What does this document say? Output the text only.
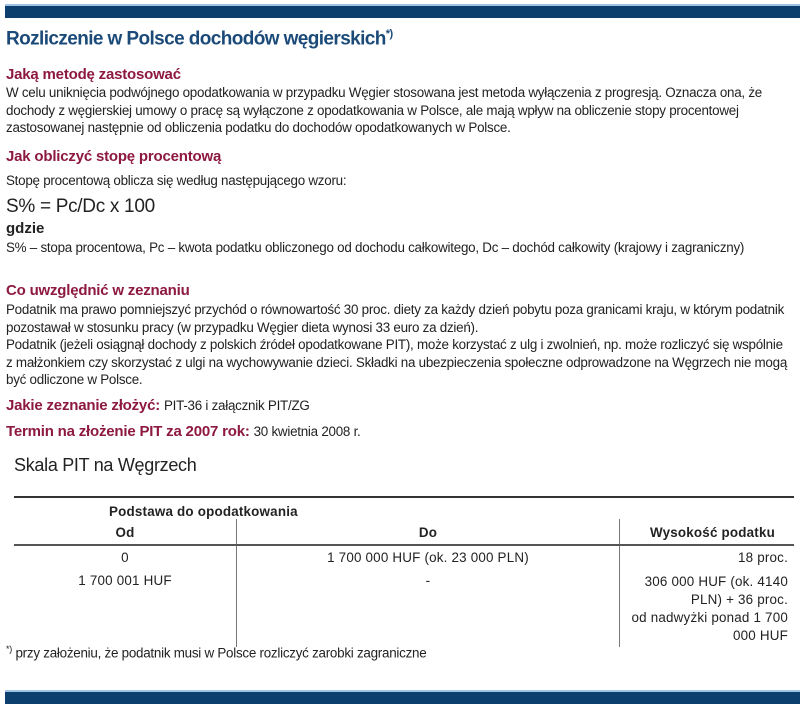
Rozliczenie w Polsce dochodów węgierskich*)
Jaką metodę zastosować
W celu uniknięcia podwójnego opodatkowania w przypadku Węgier stosowana jest metoda wyłączenia z progresją. Oznacza ona, że dochody z węgierskiej umowy o pracę są wyłączone z opodatkowania w Polsce, ale mają wpływ na obliczenie stopy procentowej zastosowanej następnie od obliczenia podatku do dochodów opodatkowanych w Polsce.
Jak obliczyć stopę procentową
Stopę procentową oblicza się według następującego wzoru:
S% = Pc/Dc x 100
gdzie
S% – stopa procentowa, Pc – kwota podatku obliczonego od dochodu całkowitego, Dc – dochód całkowity (krajowy i zagraniczny)
Co uwzględnić w zeznaniu
Podatnik ma prawo pomniejszyć przychód o równowartość 30 proc. diety za każdy dzień pobytu poza granicami kraju, w którym podatnik pozostawał w stosunku pracy (w przypadku Węgier dieta wynosi 33 euro za dzień).
Podatnik (jeżeli osiągnął dochody z polskich źródeł opodatkowane PIT), może korzystać z ulg i zwolnień, np. może rozliczyć się wspólnie z małżonkiem czy skorzystać z ulgi na wychowywanie dzieci. Składki na ubezpieczenia społeczne odprowadzone na Węgrzech nie mogą być odliczone w Polsce.
Jakie zeznanie złożyć: PIT-36 i załącznik PIT/ZG
Termin na złożenie PIT za 2007 rok: 30 kwietnia 2008 r.
Skala PIT na Węgrzech
Podstawa do opodatkowania		
Od	Do	Wysokość podatku
0	1 700 000 HUF (ok. 23 000 PLN)	18 proc.

1 700 001 HUF	-	306 000 HUF (ok. 4140 PLN) + 36 proc.
od nadwyżki ponad 1 700 000 HUF
*) przy założeniu, że podatnik musi w Polsce rozliczyć zarobki zagraniczne
